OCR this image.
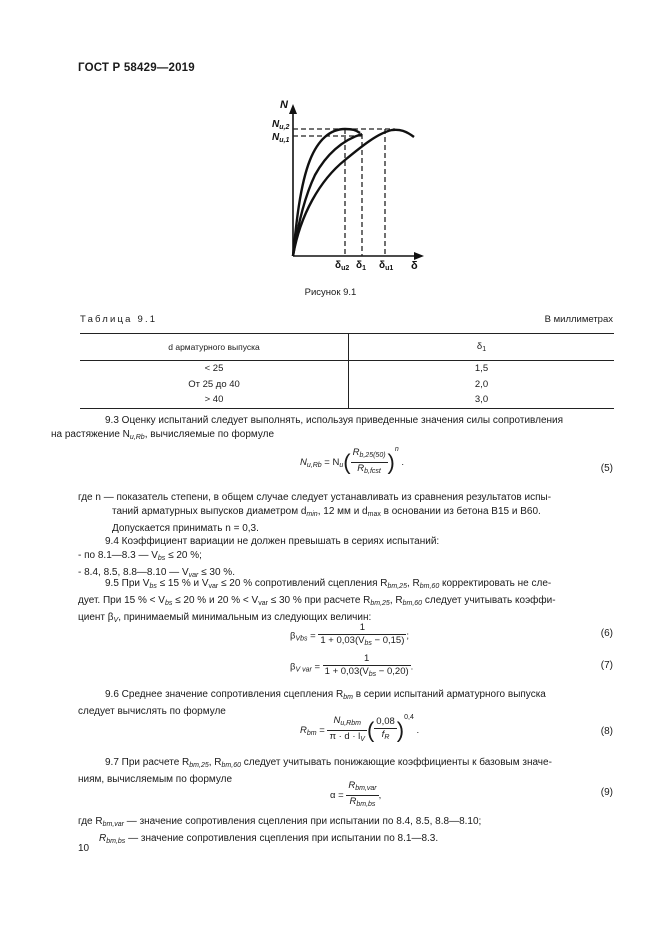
ГОСТ Р 58429—2019
N
$N_{u,2}$
$N_{u,1}$
$\delta_{u2}$ $\delta_1$ $\delta_{u1}$ δ
Рисунок 9.1
Таблица 9.1	В миллиметрах
d арматурного выпуска	$\delta_1$
< 25	1,5
От 25 до 40	2,0
> 40	3,0
9.3 Оценку испытаний следует выполнять, используя приведенные значения силы сопротивления
на растяжение $N_{u,Rb}$, вычисляемые по формуле
$N_{u,Rb} = N_u( \frac{R_{b,25(50)}}{R_{b,fcst}} )^n$ .
(5)
где n — показатель степени, в общем случае следует устанавливать из сравнения результатов испы-
таний арматурных выпусков диаметром $d_{min}$, 12 мм и $d_{max}$ в основании из бетона В15 и В60.
Допускается принимать n = 0,3.
9.4 Коэффициент вариации не должен превышать в сериях испытаний:
- по 8.1—8.3 — $V_{bs} \le 20$ %;
- 8.4, 8.5, 8.8—8.10 — $V_{var} \le 30$ %.
9.5 При $V_{bs} \le 15$ % и $V_{var} \le 20$ % сопротивлений сцепления $R_{bm,25}$, $R_{bm,60}$ корректировать не сле-
дует. При 15 % < $V_{bs} \le 20$ % и 20 % < $V_{var} \le 30$ % при расчете $R_{bm,25}$, $R_{bm,60}$ следует учитывать коэффи-
циент $\beta_V$, принимаемый минимальным из следующих величин:
$\beta_{Vbs} = \frac{1}{1 + 0,03(V_{bs} - 0,15)}$ ;	(6)
$\beta_{V var} = \frac{1}{1 + 0,03(V_{bs} - 0,20)}$ .	(7)
9.6 Среднее значение сопротивления сцепления $R_{bm}$ в серии испытаний арматурного выпуска
следует вычислять по формуле
$R_{bm} = \frac{N_{u,Rbm}}{\pi \cdot d \cdot l_V}$ ( $\frac{0,08}{f_R} )^{0,4}$ .	(8)
9.7 При расчете $R_{bm,25}$, $R_{bm,60}$ следует учитывать понижающие коэффициенты к базовым значе-
ниям, вычисляемым по формуле
$\alpha = \frac{R_{bm,var}}{R_{bm,bs}}$ ,	(9)
где $R_{bm,var}$ — значение сопротивления сцепления при испытании по 8.4, 8.5, 8.8—8.10;
$R_{bm,bs}$ — значение сопротивления сцепления при испытании по 8.1—8.3.
10
